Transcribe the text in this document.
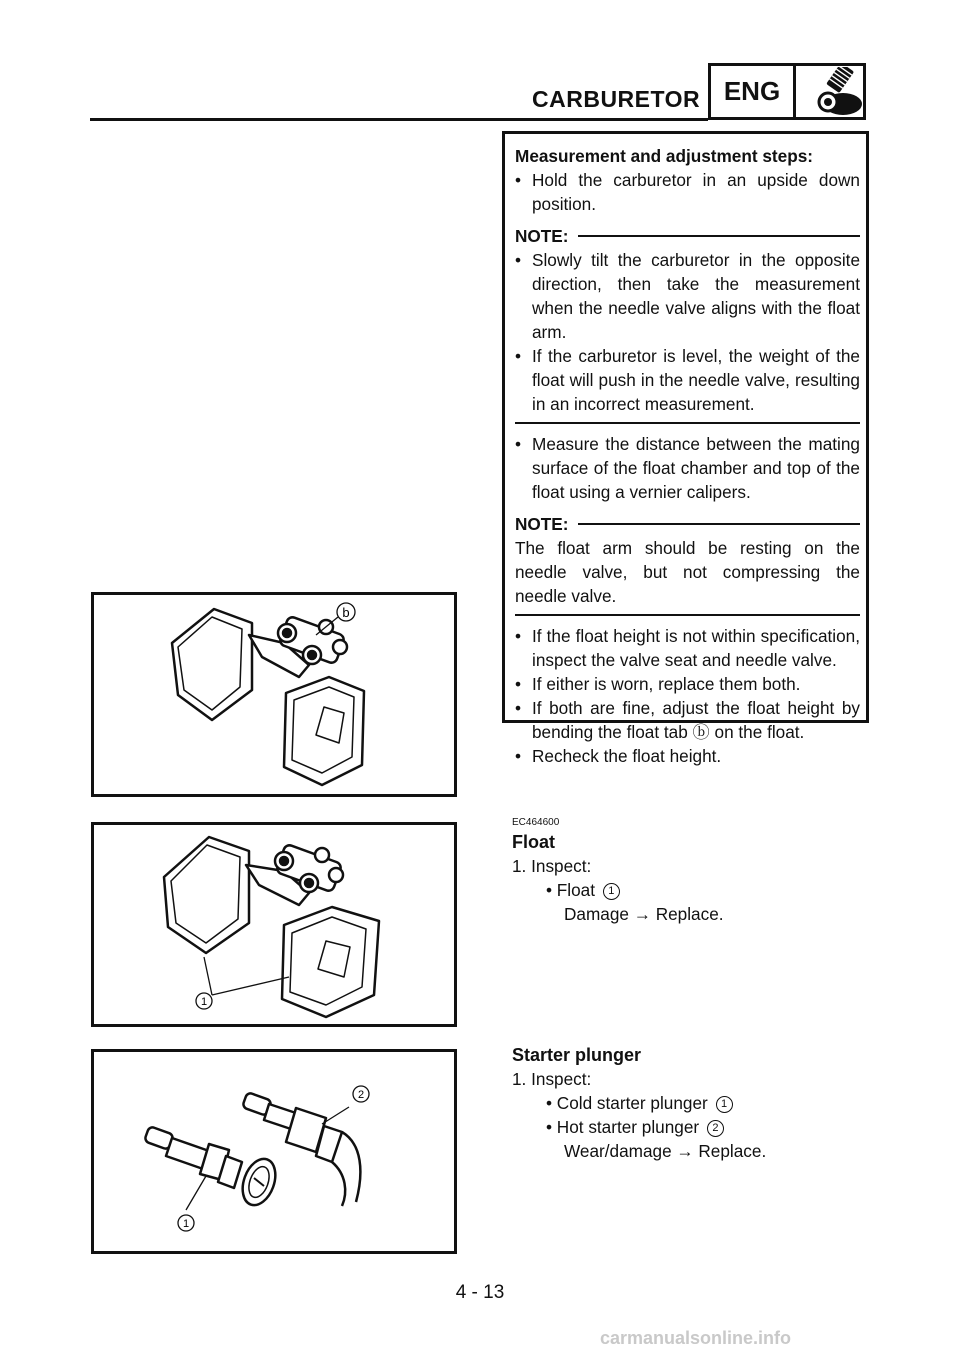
CARBURETOR ENG
Measurement and adjustment steps:
• Hold the carburetor in an upside down position.
NOTE:
• Slowly tilt the carburetor in the opposite direction, then take the measurement when the needle valve aligns with the float arm.
• If the carburetor is level, the weight of the float will push in the needle valve, resulting in an incorrect measurement.
• Measure the distance between the mating surface of the float chamber and top of the float using a vernier calipers.
NOTE:
The float arm should be resting on the needle valve, but not compressing the needle valve.
• If the float height is not within specification, inspect the valve seat and needle valve.
• If either is worn, replace them both.
• If both are fine, adjust the float height by bending the float tab ⓑ on the float.
• Recheck the float height.
b
1
1
2
EC464600
Float
1. Inspect:
• Float 1
Damage → Replace.
Starter plunger
1. Inspect:
• Cold starter plunger 1
• Hot starter plunger 2
Wear/damage → Replace.
4 - 13
carmanualsonline.info
